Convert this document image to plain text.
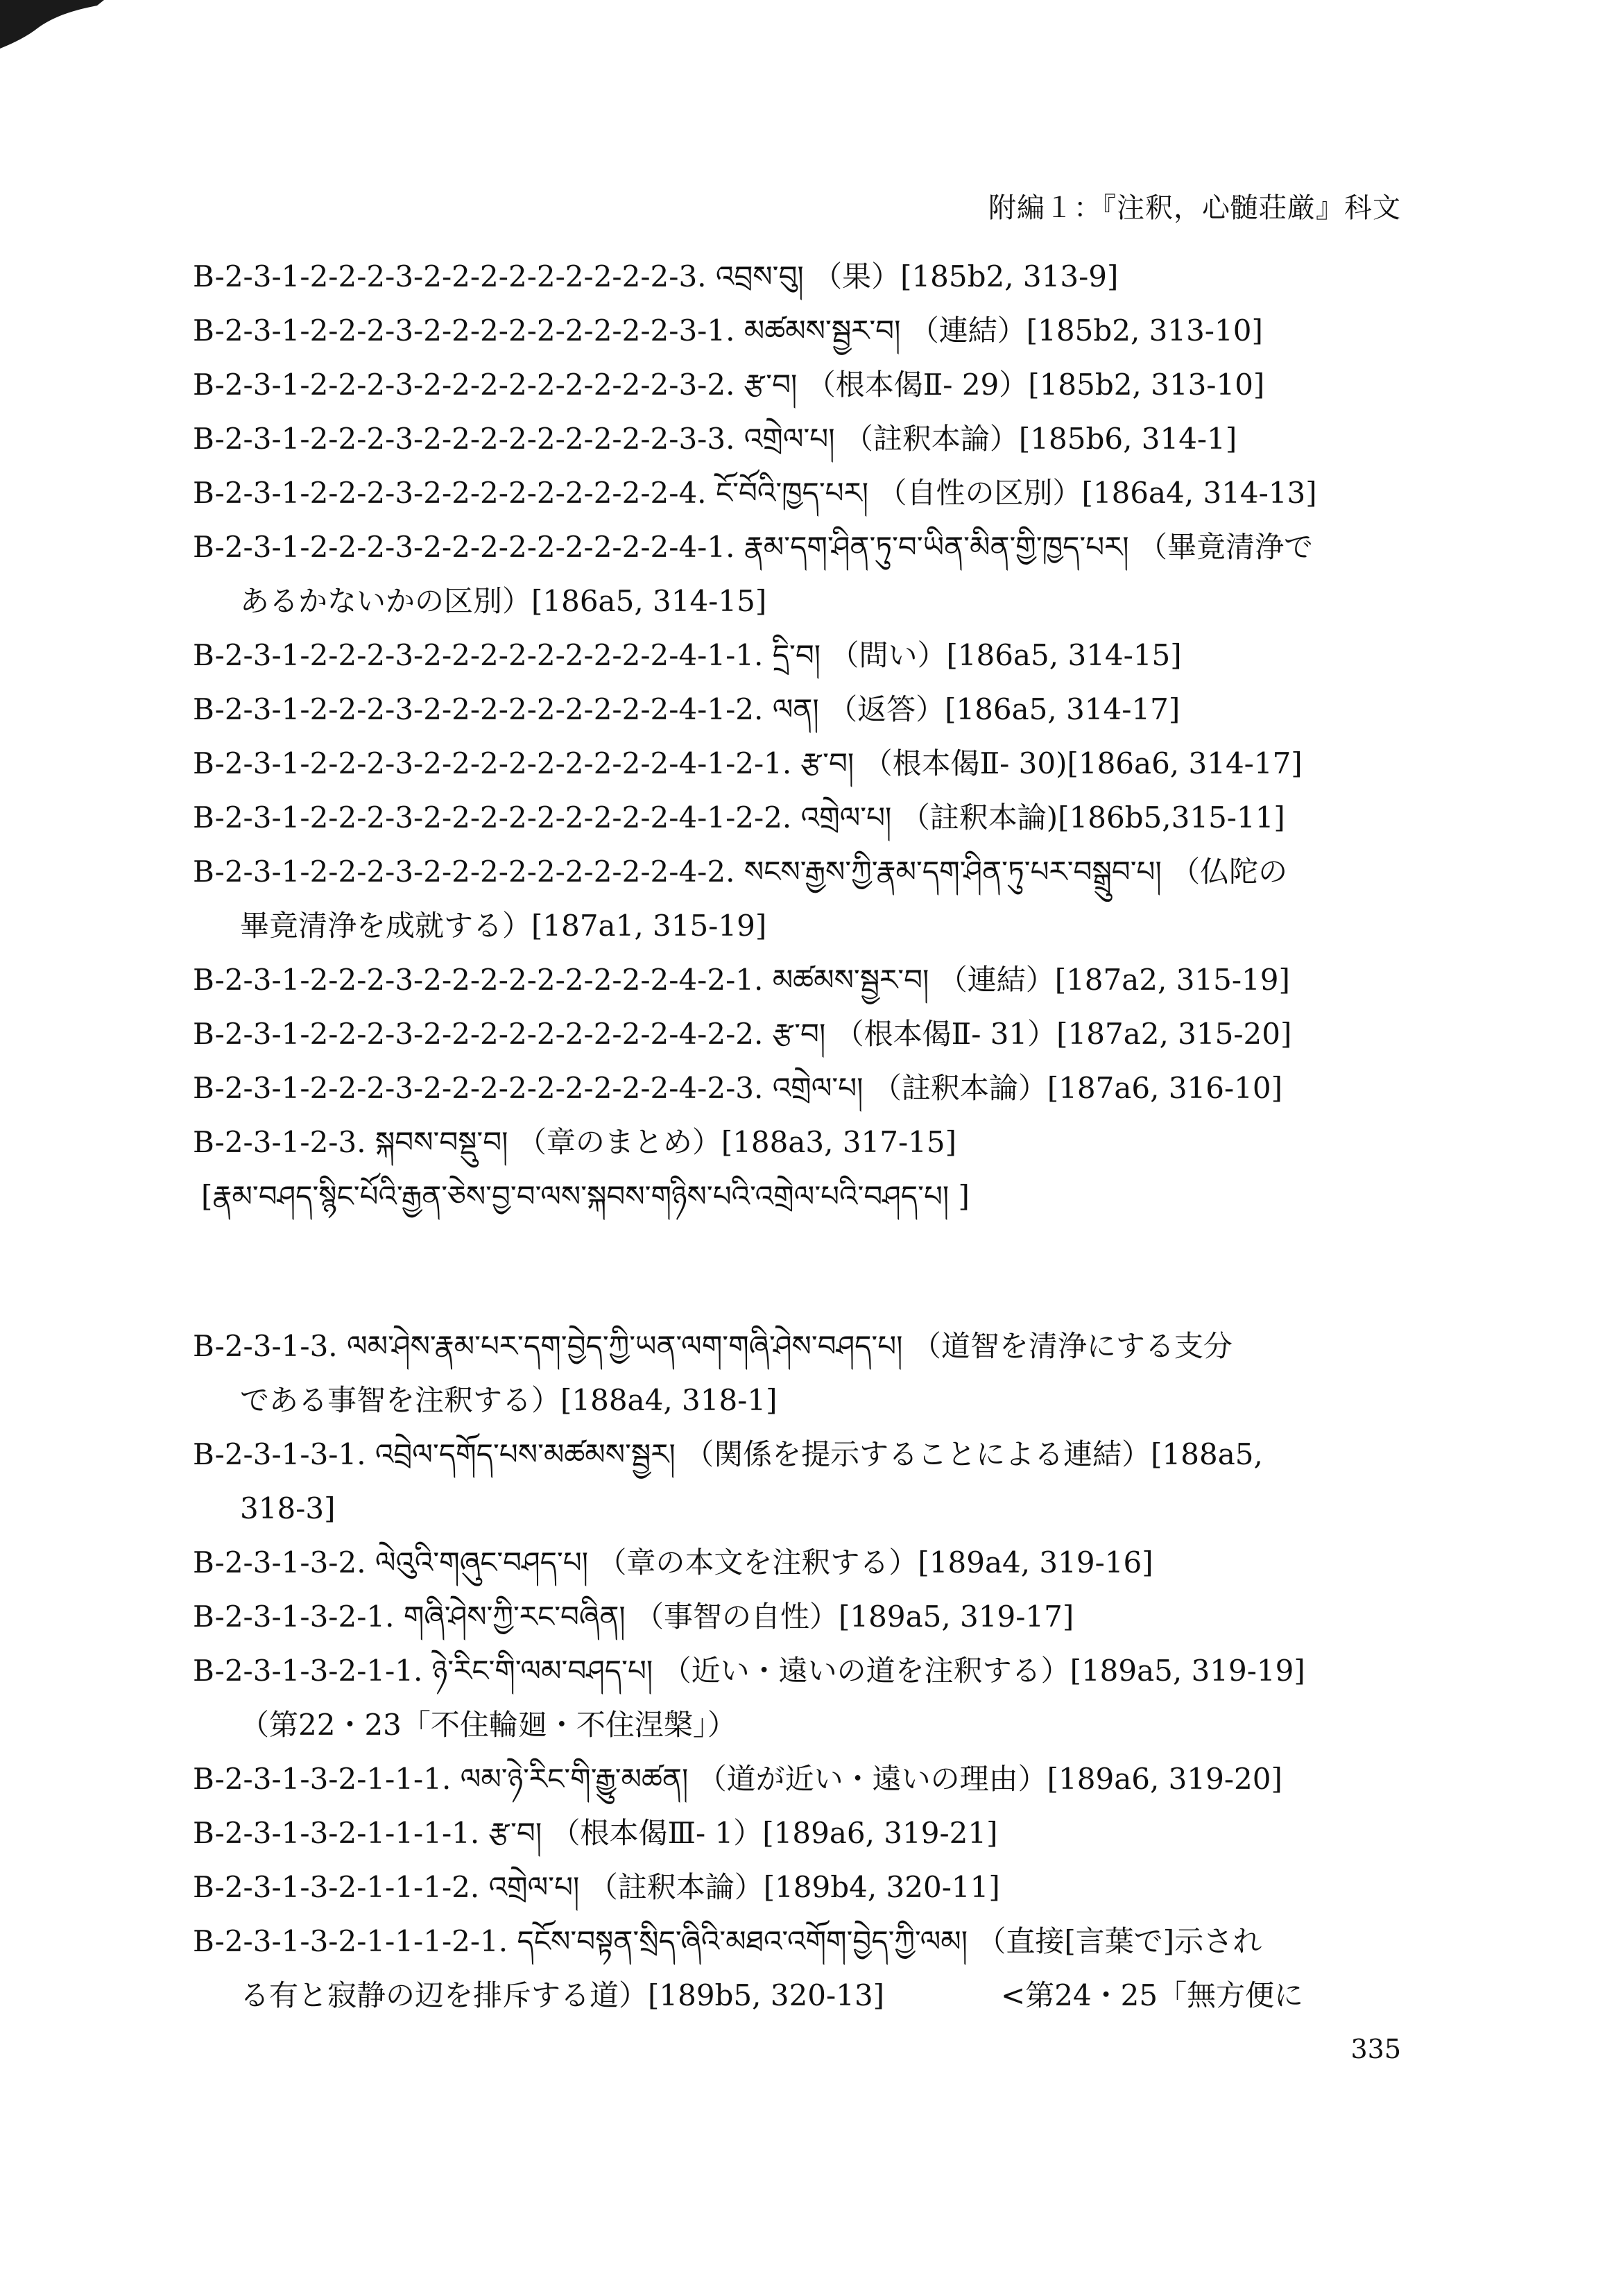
附編１：『注釈，心髄荘厳』科文
B-2-3-1-2-2-2-3-2-2-2-2-2-2-2-2-2-3. འབྲས་བུ། （果）[185b2, 313-9]
B-2-3-1-2-2-2-3-2-2-2-2-2-2-2-2-2-3-1. མཚམས་སྦྱར་བ། （連結）[185b2, 313-10]
B-2-3-1-2-2-2-3-2-2-2-2-2-2-2-2-2-3-2. རྩ་བ། （根本偈Ⅱ- 29）[185b2, 313-10]
B-2-3-1-2-2-2-3-2-2-2-2-2-2-2-2-2-3-3. འགྲེལ་པ། （註釈本論）[185b6, 314-1]
B-2-3-1-2-2-2-3-2-2-2-2-2-2-2-2-2-4. ངོ་བོའི་ཁྱད་པར། （自性の区別）[186a4, 314-13]
B-2-3-1-2-2-2-3-2-2-2-2-2-2-2-2-2-4-1. རྣམ་དག་ཤིན་ཏུ་བ་ཡིན་མིན་གྱི་ཁྱད་པར། （畢竟清浄で
あるかないかの区別）[186a5, 314-15]
B-2-3-1-2-2-2-3-2-2-2-2-2-2-2-2-2-4-1-1. དྲི་བ། （問い）[186a5, 314-15]
B-2-3-1-2-2-2-3-2-2-2-2-2-2-2-2-2-4-1-2. ལན། （返答）[186a5, 314-17]
B-2-3-1-2-2-2-3-2-2-2-2-2-2-2-2-2-4-1-2-1. རྩ་བ། （根本偈Ⅱ- 30)[186a6, 314-17]
B-2-3-1-2-2-2-3-2-2-2-2-2-2-2-2-2-4-1-2-2. འགྲེལ་པ། （註釈本論)[186b5,315-11]
B-2-3-1-2-2-2-3-2-2-2-2-2-2-2-2-2-4-2. སངས་རྒྱས་ཀྱི་རྣམ་དག་ཤིན་ཏུ་པར་བསྒྲུབ་པ། （仏陀の
畢竟清浄を成就する）[187a1, 315-19]
B-2-3-1-2-2-2-3-2-2-2-2-2-2-2-2-2-4-2-1. མཚམས་སྦྱར་བ། （連結）[187a2, 315-19]
B-2-3-1-2-2-2-3-2-2-2-2-2-2-2-2-2-4-2-2. རྩ་བ། （根本偈Ⅱ- 31）[187a2, 315-20]
B-2-3-1-2-2-2-3-2-2-2-2-2-2-2-2-2-4-2-3. འགྲེལ་པ། （註釈本論）[187a6, 316-10]
B-2-3-1-2-3. སྐབས་བསྡུ་བ། （章のまとめ）[188a3, 317-15]
[རྣམ་བཤད་སྙིང་པོའི་རྒྱན་ཅེས་བྱ་བ་ལས་སྐབས་གཉིས་པའི་འགྲེལ་པའི་བཤད་པ། ]
B-2-3-1-3. ལམ་ཤེས་རྣམ་པར་དག་བྱེད་ཀྱི་ཡན་ལག་གཞི་ཤེས་བཤད་པ། （道智を清浄にする支分
である事智を注釈する）[188a4, 318-1]
B-2-3-1-3-1. འབྲེལ་དགོད་པས་མཚམས་སྦྱར། （関係を提示することによる連結）[188a5,
318-3]
B-2-3-1-3-2. ལེའུའི་གཞུང་བཤད་པ། （章の本文を注釈する）[189a4, 319-16]
B-2-3-1-3-2-1. གཞི་ཤེས་ཀྱི་རང་བཞིན། （事智の自性）[189a5, 319-17]
B-2-3-1-3-2-1-1. ཉེ་རིང་གི་ལམ་བཤད་པ། （近い・遠いの道を注釈する）[189a5, 319-19]
（第22・23「不住輪廻・不住涅槃」）
B-2-3-1-3-2-1-1-1. ལམ་ཉེ་རིང་གི་རྒྱུ་མཚན། （道が近い・遠いの理由）[189a6, 319-20]
B-2-3-1-3-2-1-1-1-1. རྩ་བ། （根本偈Ⅲ- 1）[189a6, 319-21]
B-2-3-1-3-2-1-1-1-2. འགྲེལ་པ། （註釈本論）[189b4, 320-11]
B-2-3-1-3-2-1-1-1-2-1. དངོས་བསྟན་སྲིད་ཞིའི་མཐའ་འགོག་བྱེད་ཀྱི་ལམ། （直接[言葉で]示され
る有と寂静の辺を排斥する道）[189b5, 320-13]　　　　<第24・25「無方便に
335
